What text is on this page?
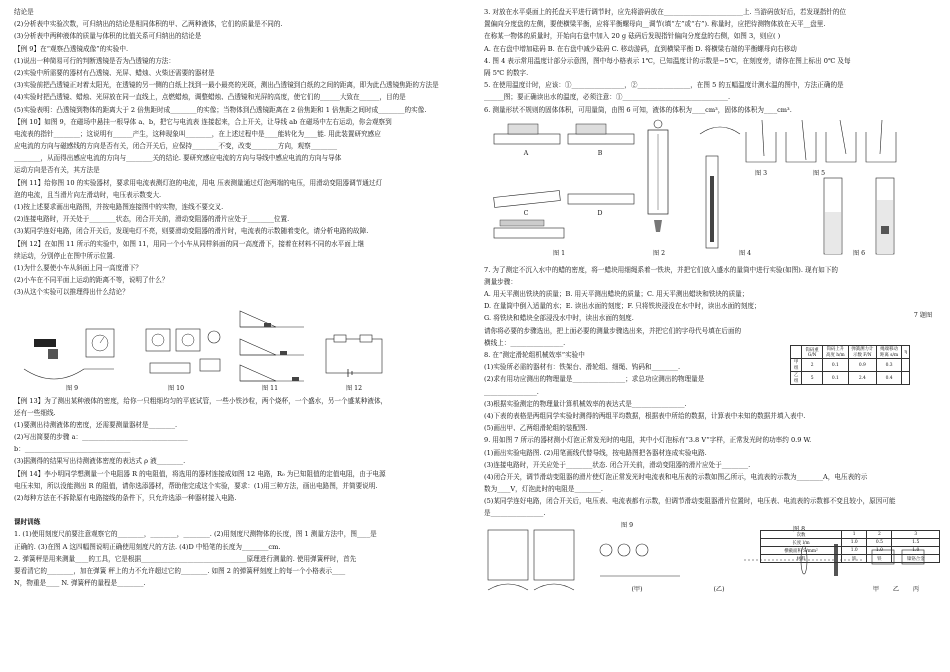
结论是
(2)分析表中实验次数，可归纳出的结论是相同体积的甲、乙两种液体，它们的质量是不同的.
(3)分析表中两种液体的质量与体积的比值关系可归纳出的结论是
【例 9】在“观察凸透镜成像”的实验中.
(1)说出一种简易可行的判断透镜是否为凸透镜的方法：
(2)实验中所需要的器材有凸透镜、光屏、蜡烛、火柴还需要的器材是
(3)实验前把凸透镜正对着太阳光，在透镜的另一侧的白纸上找到一最小最亮的光斑，测出凸透镜到白纸的之间的距离，即为此凸透镜焦距的方法是
(4)实验时把凸透镜、蜡烛、光屏放在同一直线上，点燃蜡烛，调整蜡烛、凸透镜和光屏的高度，使它们的______大致在______，目的是
(5)实验表明：凸透镜到物体的距离大于 2 倍焦距时成________的实像；当物体到凸透镜距离在 2 倍焦距和 1 倍焦距之间时成________的实像.
【例 10】如图 9，在磁场中悬挂一根导体 a、b，把它与电流表 连接起来，合上开关，让导线 ab 在磁场中左右运动，你会观察到
电流表的指针________；这说明有______产生，这种现象叫________，在上述过程中是____能转化为____能. 用此装置研究感应
应电流的方向与磁感线的方向是否有关，闭合开关后，应保持________不变，改变________方向，观察________
________，从而得出感应电流的方向与________关的结论. 要研究感应电流的方向与导线中感应电流的方向与导体
运动方向是否有关，其方法是
【例 11】给你图 10 的实验器材，要求用电流表测灯泡的电流，用电 压表测量通过灯泡两端的电压，用滑动变阻器调节通过灯
泡的电流，且当滑片向左滑动时，电压表示数变大.
(1)按上述要求画出电路图，并按电路图连接图中的实物，连线不要交叉.
(2)连接电路时，开关处于________状态，闭合开关前，滑动变阻器的滑片应处于________位置.
(3)某同学连好电路，闭合开关后，发现电灯不亮，则要滑动变阻器的滑片时，电流表的示数随着变化，请分析电路的故障.
【例 12】在如图 11 所示的实验中，如图 11，用同一个小车从同样斜面的同一高度滑下，接着在材料不同的水平面上继
续运动，分别停止在图中所示位置.
(1)为什么要使小车从斜面上同一高度滑下？
(2)小车在不同平面上运动的距离不等，说明了什么？
(3)从这个实验可以推理得出什么结论？
图 9	图 10	图 11	图 12
【例 13】为了测出某种液体的密度，给你一只粗细均匀的平底试管，一些小铁沙粒，两个烧杯，一个盛水，另一个盛某种液体，
还有一些细线.
(1)要测出待测液体的密度，还需要测量器材是________.
(2)写出简要的步骤 a：________________________________
b：________________________________
(3)据测得的结果写出待测液体密度的表达式 ρ 液________.
【例 14】李小明同学想测量一个电阻器 R 的电阻值，将选用的器材连接成如图 12 电路，R₀ 为已知阻值的定值电阻，由于电源
电压未知，所以没能测出 R 的阻值，请你选添器材，帮助他完成这个实验，要求：(1)用三种方法，画出电路图，并简要说明.
(2)每种方法在不拆除原有电路接线的条件下，只允许选添一种器材接入电路.
课时训练
1. (1)使用刻度尺前要注意观察它的________，________，________. (2)用刻度尺测物体的长度，图 1 测量方法中，图____是
正确的. (3)在图 A 这四幅图说明正确使用刻度尺的方法. (4)D 中铅笔的长度为________cm.
2. 弹簧秤是用来测量____的工具，它是根据________________________________原理进行测量的. 使用弹簧秤时，首先
要看清它的________，加在弹簧 秤上的力不允许超过它的________. 如图 2 的弹簧秤刻度上的每一个小格表示____
N，物重是____ N. 弹簧秤的量程是________.
3. 对放在水平桌面上的托盘天平进行调节时，应先将游码放在________________________上. 当游码放好后，若发现指针的位
置偏向分度盘的左侧，要使横梁平衡，应将平衡螺母向__调节(填“左”或“右”). 称量时，应把待测物体放在天平__盘里.
在称某一物体的质量时，开始向右盘中加入 20 g 砝码后发现指针偏向分度盘的右侧，如图 3，则应( )
A. 在右盘中增加砝码 B. 在右盘中减少砝码 C. 移动游码，直到横梁平衡 D. 将横梁右端的平衡螺母向右移动
4. 图 4 表示常用温度计部分示意图，图中每小格表示 1℃，已知温度计的示数是−5℃，在刻度旁，请你在图上标出 0℃ 及每
隔 5℃ 的数字.
5. 在使用温度计时，应该：①________________，②________________，在图 5 的五幅温度计测水温的图中，方法正确的是
______图；要正确读出水的温度，必须注意：①________________________________.
6. 测量形状不规则的固体体积，可用量筒，由图 6 可知，液体的体积为____cm³，固体的体积为____cm³.
A	B
C	D
图 1	图 2
图 3
图 4
图 5
图 6
7. 为了测定不沉入水中的蜡的密度，将一蜡块用细绳系着一铁块，并把它们放入盛水的量筒中进行实验(如图). 现有如下的
测量步骤：
A. 用天平测出铁块的质量；B. 用天平测出蜡块的质量；C. 用天平测出蜡块和铁块的质量；
D. 在量筒中倒入适量的水；E. 读出水面的刻度；F. 只将铁块浸没在水中时，读出水面的刻度；
G. 将铁块和蜡块全部浸没水中时，读出水面的刻度.
请你将必要的步骤选出，把上面必要的测量步骤选出来，并把它们的字母代号填在后面的
横线上：________________.
8. 在“测定滑轮组机械效率”实验中
(1)实验所必需的器材有：铁架台、滑轮组、细绳、钩码和________.
(2)求有用功应测出的物理量是________________；求总功应测出的物理量是
________________.
(3)根据实验测定的物理量计算机械效率的表达式是________________.
(4)下表的表格是两组同学实验时测得的两组平均数据，根据表中所给的数据，计算表中未知的数据并填入表中.
(5)画出甲、乙两组滑轮组的装配图.
9. 用如图 7 所示的器材测小灯泡正常发光时的电阻，其中小灯泡标有“3.8 V”字样，正常发光时的功率约 0.9 W.
(1)画出实验电路图. (2)用笔画线代替导线，按电路图把各器材连成实验电路.
(3)连接电路时，开关应处于________状态. 闭合开关前，滑动变阻器的滑片应处于________.
(4)闭合开关，调节滑动变阻器的滑片使灯泡正常发光时电流表和电压表的示数如图乙所示，电流表的示数为________A，电压表的示
数为____V，灯泡此时的电阻是________.
(5)某同学连好电路，闭合开关后，电压表、电流表都有示数，但调节滑动变阻器滑片位置时，电压表、电流表的示数都不变且较小，原因可能
是________________.
图 9
(甲)	(乙)
图 8
甲	乙	丙
	钩码重 G/N	钩码上升高度 h/m	弹簧测力计示数 F/N	绳端移动距离 s/m	η
甲组	2	0.1	0.9	0.3	
乙组	5	0.1	2.4	0.4	
7 题图
次数	1	2	3
长度 l/m	1.0	0.5	1.5
横截面积 S/mm²	1.0	1.0	1.0
材料	铁	铁	镍铬合金
